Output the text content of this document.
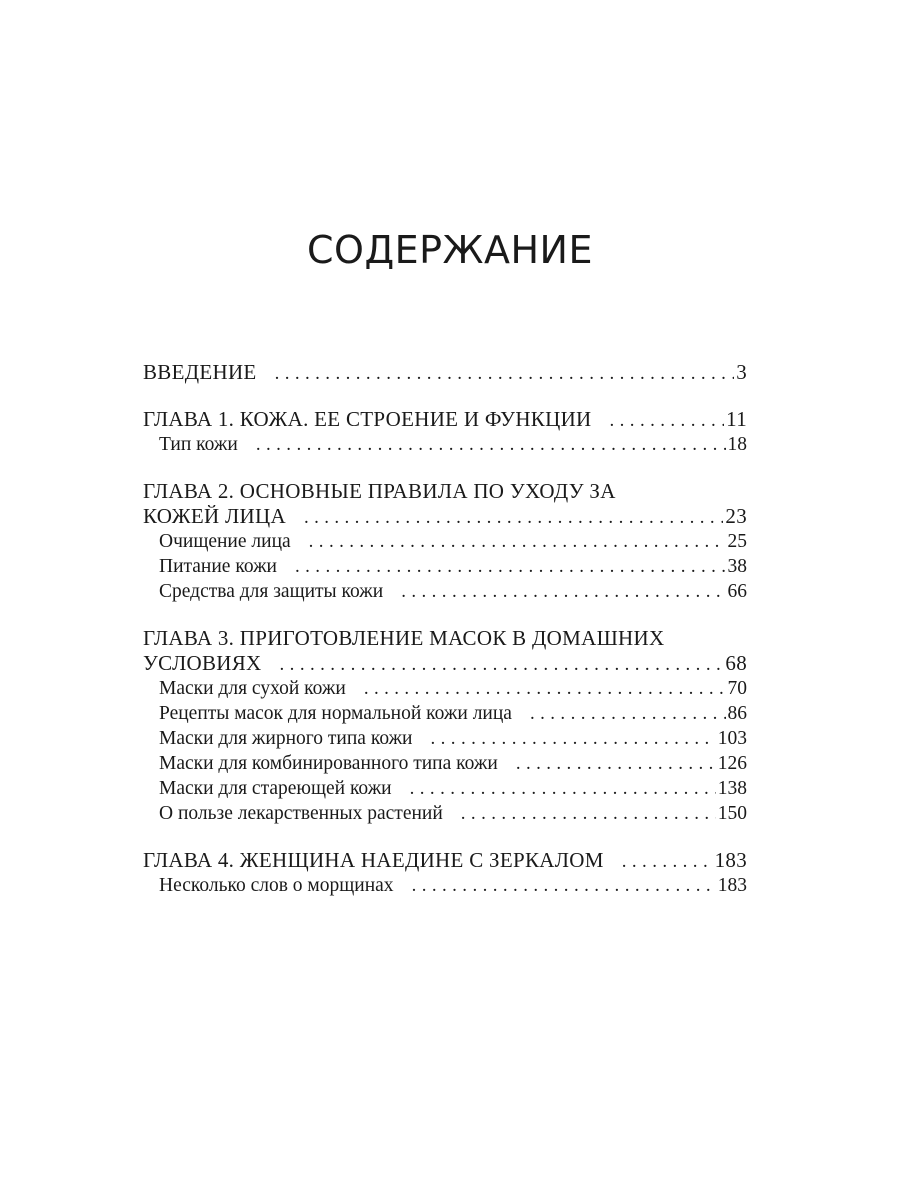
СОДЕРЖАНИЕ
ВВЕДЕНИЕ .....	3
ГЛАВА 1. КОЖА. ЕЕ СТРОЕНИЕ И ФУНКЦИИ .....	11
Тип кожи .....	18
ГЛАВА 2. ОСНОВНЫЕ ПРАВИЛА ПО УХОДУ ЗА
КОЖЕЙ ЛИЦА .....	23
Очищение лица .....	25
Питание кожи .....	38
Средства для защиты кожи .....	66
ГЛАВА 3. ПРИГОТОВЛЕНИЕ МАСОК В ДОМАШНИХ
УСЛОВИЯХ .....	68
Маски для сухой кожи .....	70
Рецепты масок для нормальной кожи лица .....	86
Маски для жирного типа кожи .....	103
Маски для комбинированного типа кожи .....	126
Маски для стареющей кожи .....	138
О пользе лекарственных растений .....	150
ГЛАВА 4. ЖЕНЩИНА НАЕДИНЕ С ЗЕРКАЛОМ .....	183
Несколько слов о морщинах .....	183
